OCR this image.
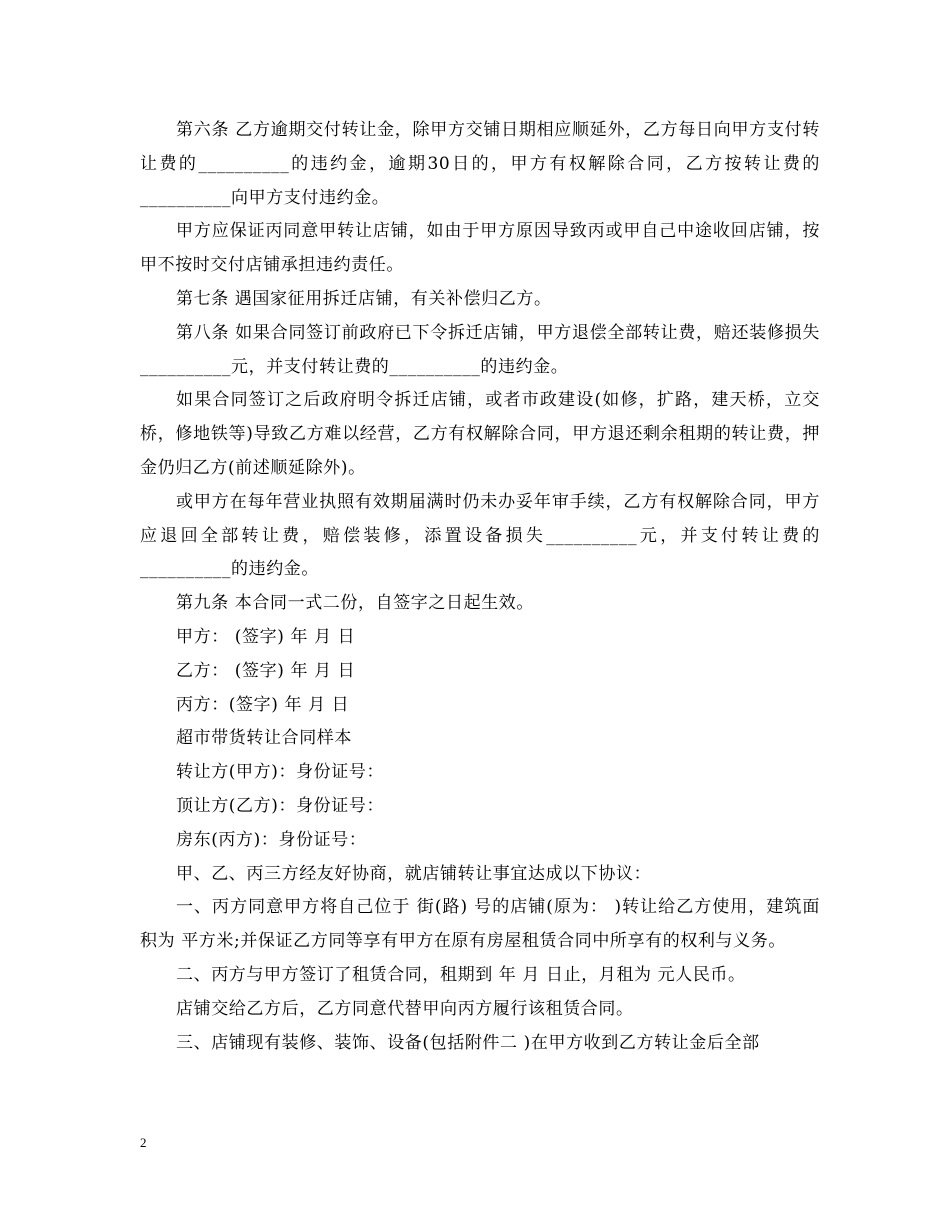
第六条 乙方逾期交付转让金，除甲方交铺日期相应顺延外，乙方每日向甲方支付转让费的__________的违约金，逾期30日的，甲方有权解除合同，乙方按转让费的__________向甲方支付违约金。

甲方应保证丙同意甲转让店铺，如由于甲方原因导致丙或甲自己中途收回店铺，按甲不按时交付店铺承担违约责任。

第七条 遇国家征用拆迁店铺，有关补偿归乙方。

第八条 如果合同签订前政府已下令拆迁店铺，甲方退偿全部转让费，赔还装修损失__________元，并支付转让费的__________的违约金。

如果合同签订之后政府明令拆迁店铺，或者市政建设(如修，扩路，建天桥，立交桥，修地铁等)导致乙方难以经营，乙方有权解除合同，甲方退还剩余租期的转让费，押金仍归乙方(前述顺延除外)。

或甲方在每年营业执照有效期届满时仍未办妥年审手续，乙方有权解除合同，甲方应退回全部转让费，赔偿装修，添置设备损失__________元，并支付转让费的__________的违约金。

第九条 本合同一式二份，自签字之日起生效。

甲方： (签字) 年 月 日

乙方： (签字) 年 月 日

丙方：(签字) 年 月 日

超市带货转让合同样本

转让方(甲方)：身份证号：

顶让方(乙方)：身份证号：

房东(丙方)：身份证号：

甲、乙、丙三方经友好协商，就店铺转让事宜达成以下协议：

一、丙方同意甲方将自己位于 街(路) 号的店铺(原为： )转让给乙方使用，建筑面积为 平方米;并保证乙方同等享有甲方在原有房屋租赁合同中所享有的权利与义务。

二、丙方与甲方签订了租赁合同，租期到 年 月 日止，月租为 元人民币。

店铺交给乙方后，乙方同意代替甲向丙方履行该租赁合同。

三、店铺现有装修、装饰、设备(包括附件二 )在甲方收到乙方转让金后全部

2
